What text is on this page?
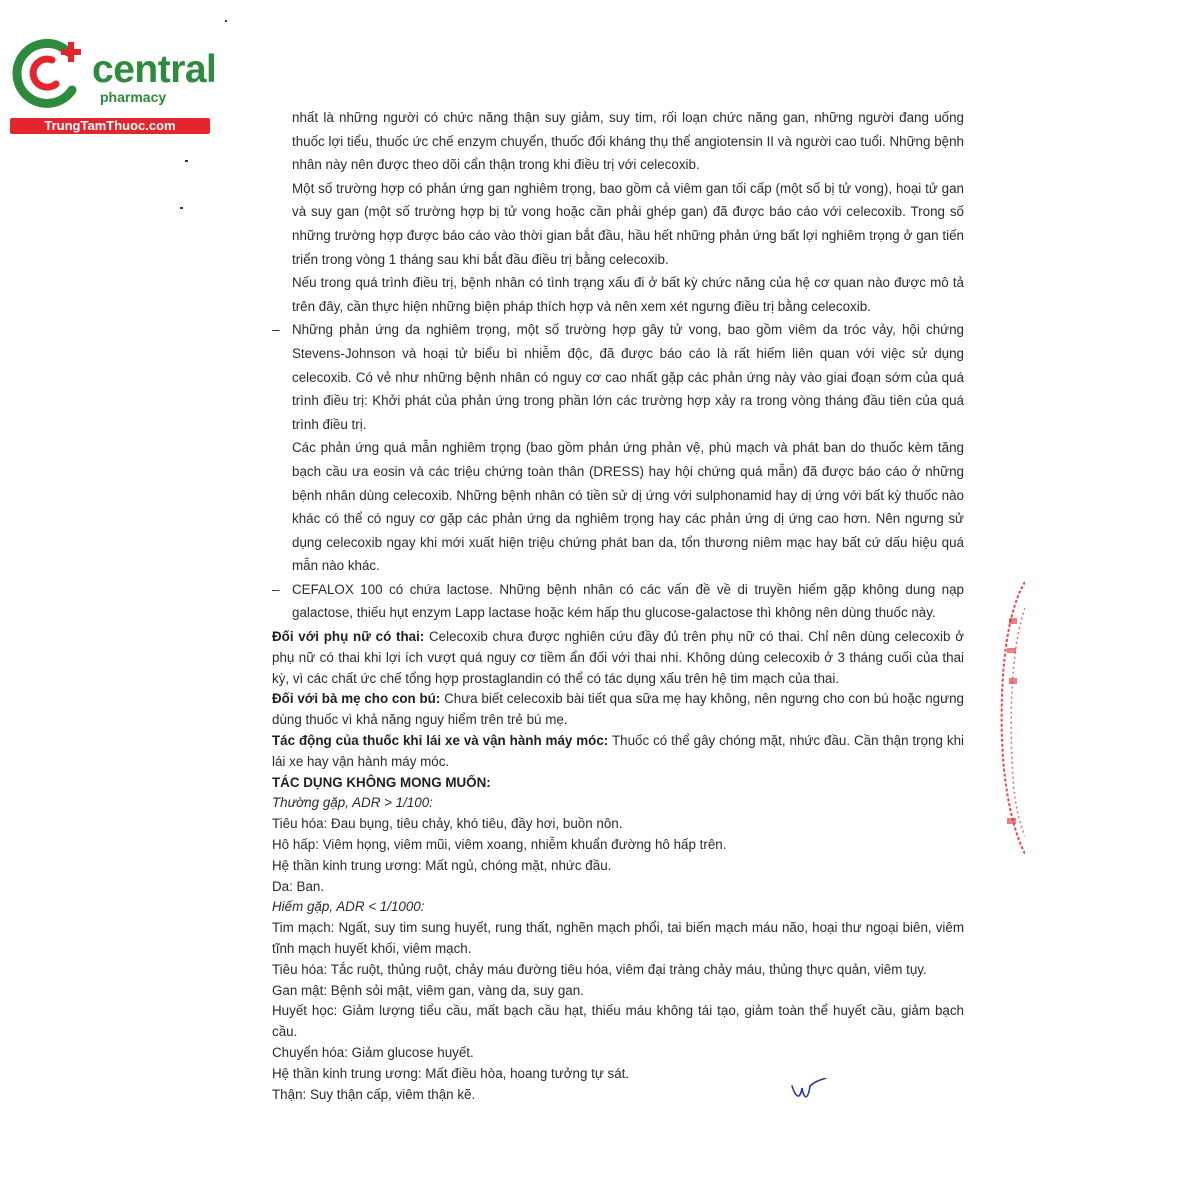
central
pharmacy
TrungTamThuoc.com

nhất là những người có chức năng thận suy giảm, suy tim, rối loạn chức năng gan, những người đang uống thuốc lợi tiểu, thuốc ức chế enzym chuyển, thuốc đối kháng thụ thể angiotensin II và người cao tuổi. Những bệnh nhân này nên được theo dõi cẩn thận trong khi điều trị với celecoxib.

Một số trường hợp có phản ứng gan nghiêm trọng, bao gồm cả viêm gan tối cấp (một số bị tử vong), hoại tử gan và suy gan (một số trường hợp bị tử vong hoặc cần phải ghép gan) đã được báo cáo với celecoxib. Trong số những trường hợp được báo cáo vào thời gian bắt đầu, hầu hết những phản ứng bất lợi nghiêm trọng ở gan tiến triển trong vòng 1 tháng sau khi bắt đầu điều trị bằng celecoxib.

Nếu trong quá trình điều trị, bệnh nhân có tình trạng xấu đi ở bất kỳ chức năng của hệ cơ quan nào được mô tả trên đây, cần thực hiện những biện pháp thích hợp và nên xem xét ngưng điều trị bằng celecoxib.

– Những phản ứng da nghiêm trọng, một số trường hợp gây tử vong, bao gồm viêm da tróc vảy, hội chứng Stevens-Johnson và hoại tử biểu bì nhiễm độc, đã được báo cáo là rất hiếm liên quan với việc sử dụng celecoxib. Có vẻ như những bệnh nhân có nguy cơ cao nhất gặp các phản ứng này vào giai đoạn sớm của quá trình điều trị: Khởi phát của phản ứng trong phần lớn các trường hợp xảy ra trong vòng tháng đầu tiên của quá trình điều trị.

Các phản ứng quá mẫn nghiêm trọng (bao gồm phản ứng phản vệ, phù mạch và phát ban do thuốc kèm tăng bạch cầu ưa eosin và các triệu chứng toàn thân (DRESS) hay hội chứng quá mẫn) đã được báo cáo ở những bệnh nhân dùng celecoxib. Những bệnh nhân có tiền sử dị ứng với sulphonamid hay dị ứng với bất kỳ thuốc nào khác có thể có nguy cơ gặp các phản ứng da nghiêm trọng hay các phản ứng dị ứng cao hơn. Nên ngưng sử dụng celecoxib ngay khi mới xuất hiện triệu chứng phát ban da, tổn thương niêm mạc hay bất cứ dấu hiệu quá mẫn nào khác.

– CEFALOX 100 có chứa lactose. Những bệnh nhân có các vấn đề về di truyền hiếm gặp không dung nạp galactose, thiếu hụt enzym Lapp lactase hoặc kém hấp thu glucose-galactose thì không nên dùng thuốc này.

Đối với phụ nữ có thai: Celecoxib chưa được nghiên cứu đầy đủ trên phụ nữ có thai. Chỉ nên dùng celecoxib ở phụ nữ có thai khi lợi ích vượt quá nguy cơ tiềm ẩn đối với thai nhi. Không dùng celecoxib ở 3 tháng cuối của thai kỳ, vì các chất ức chế tổng hợp prostaglandin có thể có tác dụng xấu trên hệ tim mạch của thai.

Đối với bà mẹ cho con bú: Chưa biết celecoxib bài tiết qua sữa mẹ hay không, nên ngưng cho con bú hoặc ngưng dùng thuốc vì khả năng nguy hiểm trên trẻ bú mẹ.

Tác động của thuốc khi lái xe và vận hành máy móc: Thuốc có thể gây chóng mặt, nhức đầu. Cần thận trọng khi lái xe hay vận hành máy móc.

TÁC DỤNG KHÔNG MONG MUỐN:

Thường gặp, ADR > 1/100:

Tiêu hóa: Đau bụng, tiêu chảy, khó tiêu, đầy hơi, buồn nôn.

Hô hấp: Viêm họng, viêm mũi, viêm xoang, nhiễm khuẩn đường hô hấp trên.

Hệ thần kinh trung ương: Mất ngủ, chóng mặt, nhức đầu.

Da: Ban.

Hiếm gặp, ADR < 1/1000:

Tim mạch: Ngất, suy tim sung huyết, rung thất, nghẽn mạch phổi, tai biến mạch máu não, hoại thư ngoại biên, viêm tĩnh mạch huyết khối, viêm mạch.

Tiêu hóa: Tắc ruột, thủng ruột, chảy máu đường tiêu hóa, viêm đại tràng chảy máu, thủng thực quản, viêm tụy.

Gan mật: Bệnh sỏi mật, viêm gan, vàng da, suy gan.

Huyết học: Giảm lượng tiểu cầu, mất bạch cầu hạt, thiếu máu không tái tạo, giảm toàn thể huyết cầu, giảm bạch cầu.

Chuyển hóa: Giảm glucose huyết.

Hệ thần kinh trung ương: Mất điều hòa, hoang tưởng tự sát.

Thận: Suy thận cấp, viêm thận kẽ.
